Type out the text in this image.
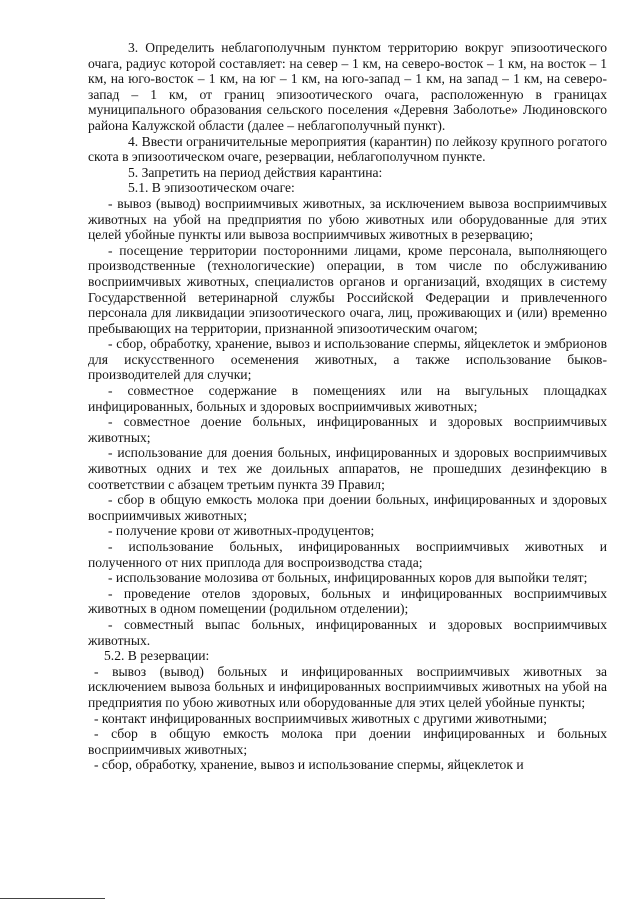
3. Определить неблагополучным пунктом территорию вокруг эпизоотического очага, радиус которой составляет: на север – 1 км, на северо-восток – 1 км, на восток – 1 км, на юго-восток – 1 км, на юг – 1 км, на юго-запад – 1 км, на запад – 1 км, на северо-запад – 1 км, от границ эпизоотического очага, расположенную в границах муниципального образования сельского поселения «Деревня Заболотье» Людиновского района Калужской области (далее – неблагополучный пункт).

4. Ввести ограничительные мероприятия (карантин) по лейкозу крупного рогатого скота в эпизоотическом очаге, резервации, неблагополучном пункте.

5. Запретить на период действия карантина:

5.1. В эпизоотическом очаге:

- вывоз (вывод) восприимчивых животных, за исключением вывоза восприимчивых животных на убой на предприятия по убою животных или оборудованные для этих целей убойные пункты или вывоза восприимчивых животных в резервацию;

- посещение территории посторонними лицами, кроме персонала, выполняющего производственные (технологические) операции, в том числе по обслуживанию восприимчивых животных, специалистов органов и организаций, входящих в систему Государственной ветеринарной службы Российской Федерации и привлеченного персонала для ликвидации эпизоотического очага, лиц, проживающих и (или) временно пребывающих на территории, признанной эпизоотическим очагом;

- сбор, обработку, хранение, вывоз и использование спермы, яйцеклеток и эмбрионов для искусственного осеменения животных, а также использование быков-производителей для случки;

- совместное содержание в помещениях или на выгульных площадках инфицированных, больных и здоровых восприимчивых животных;

- совместное доение больных, инфицированных и здоровых восприимчивых животных;

- использование для доения больных, инфицированных и здоровых восприимчивых животных одних и тех же доильных аппаратов, не прошедших дезинфекцию в соответствии с абзацем третьим пункта 39 Правил;

- сбор в общую емкость молока при доении больных, инфицированных и здоровых восприимчивых животных;

- получение крови от животных-продуцентов;

- использование больных, инфицированных восприимчивых животных и полученного от них приплода для воспроизводства стада;

- использование молозива от больных, инфицированных коров для выпойки телят;

- проведение отелов здоровых, больных и инфицированных восприимчивых животных в одном помещении (родильном отделении);

- совместный выпас больных, инфицированных и здоровых восприимчивых животных.

5.2. В резервации:

- вывоз (вывод) больных и инфицированных восприимчивых животных за исключением вывоза больных и инфицированных восприимчивых животных на убой на предприятия по убою животных или оборудованные для этих целей убойные пункты;

- контакт инфицированных восприимчивых животных с другими животными;

- сбор в общую емкость молока при доении инфицированных и больных восприимчивых животных;

- сбор, обработку, хранение, вывоз и использование спермы, яйцеклеток и
